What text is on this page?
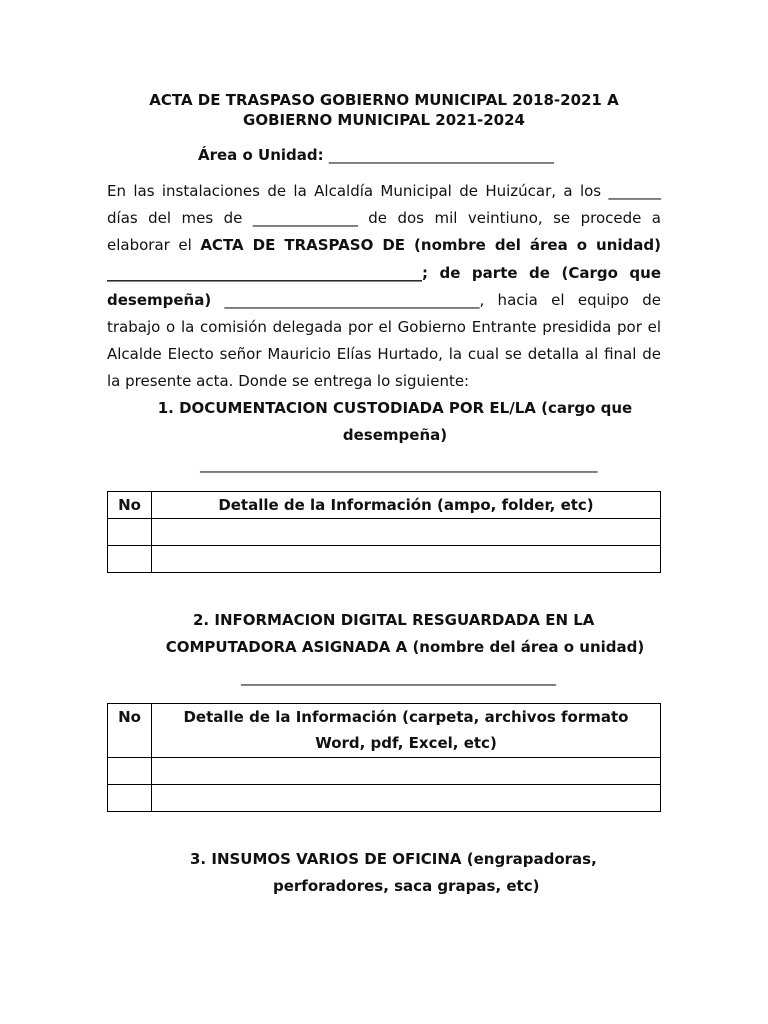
ACTA DE TRASPASO GOBIERNO MUNICIPAL 2018-2021 A
GOBIERNO MUNICIPAL 2021-2024
Área o Unidad: ______________________________
En las instalaciones de la Alcaldía Municipal de Huizúcar, a los _______
días del mes de ______________ de dos mil veintiuno, se procede a
elaborar el ACTA DE TRASPASO DE (nombre del área o unidad)
__________________________________________; de parte de (Cargo que
desempeña) __________________________________, hacia el equipo de
trabajo o la comisión delegada por el Gobierno Entrante presidida por el
Alcalde Electo señor Mauricio Elías Hurtado, la cual se detalla al final de
la presente acta. Donde se entrega lo siguiente:
1. DOCUMENTACION CUSTODIADA POR EL/LA (cargo que
desempeña)
_____________________________________________________
No	Detalle de la Información (ampo, folder, etc)

2. INFORMACION DIGITAL RESGUARDADA EN LA
COMPUTADORA ASIGNADA A (nombre del área o unidad)
__________________________________________
No	Detalle de la Información (carpeta, archivos formato
Word, pdf, Excel, etc)

3. INSUMOS VARIOS DE OFICINA (engrapadoras,
perforadores, saca grapas, etc)
